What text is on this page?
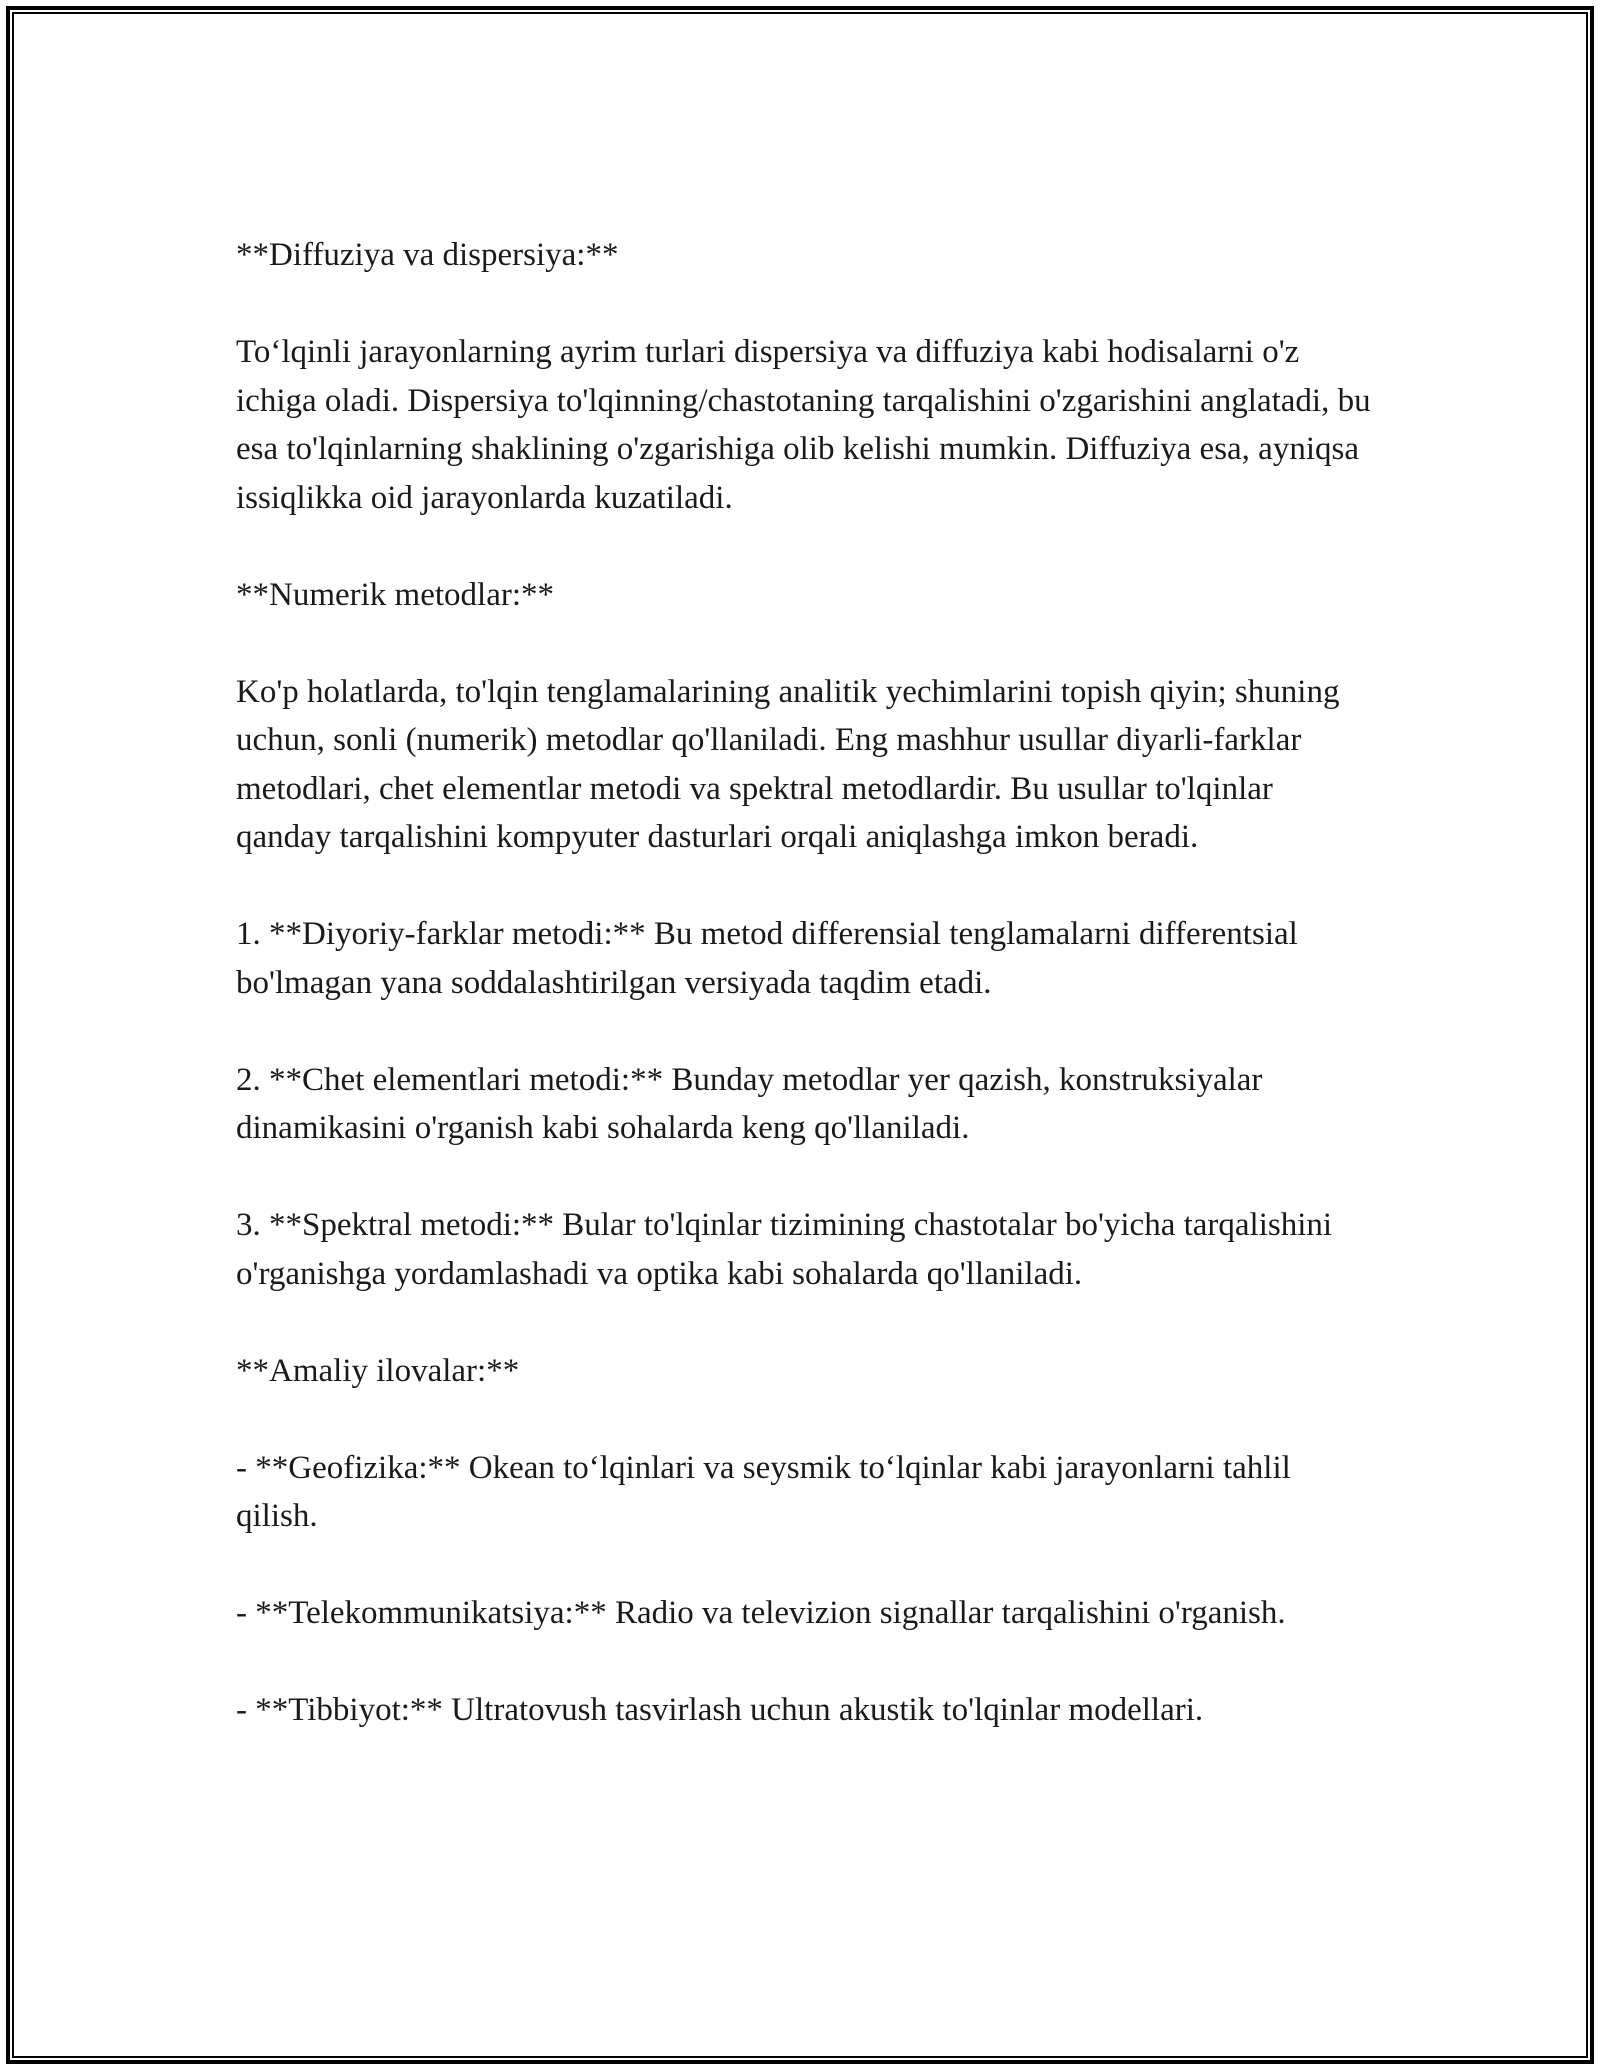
**Diffuziya va dispersiya:**

To‘lqinli jarayonlarning ayrim turlari dispersiya va diffuziya kabi hodisalarni o'z ichiga oladi. Dispersiya to'lqinning/chastotaning tarqalishini o'zgarishini anglatadi, bu esa to'lqinlarning shaklining o'zgarishiga olib kelishi mumkin. Diffuziya esa, ayniqsa issiqlikka oid jarayonlarda kuzatiladi.

**Numerik metodlar:**

Ko'p holatlarda, to'lqin tenglamalarining analitik yechimlarini topish qiyin; shuning uchun, sonli (numerik) metodlar qo'llaniladi. Eng mashhur usullar diyarli-farklar metodlari, chet elementlar metodi va spektral metodlardir. Bu usullar to'lqinlar qanday tarqalishini kompyuter dasturlari orqali aniqlashga imkon beradi.

1. **Diyoriy-farklar metodi:** Bu metod differensial tenglamalarni differentsial bo'lmagan yana soddalashtirilgan versiyada taqdim etadi.

2. **Chet elementlari metodi:** Bunday metodlar yer qazish, konstruksiyalar dinamikasini o'rganish kabi sohalarda keng qo'llaniladi.

3. **Spektral metodi:** Bular to'lqinlar tizimining chastotalar bo'yicha tarqalishini o'rganishga yordamlashadi va optika kabi sohalarda qo'llaniladi.

**Amaliy ilovalar:**

- **Geofizika:** Okean to‘lqinlari va seysmik to‘lqinlar kabi jarayonlarni tahlil qilish.

- **Telekommunikatsiya:** Radio va televizion signallar tarqalishini o'rganish.

- **Tibbiyot:** Ultratovush tasvirlash uchun akustik to'lqinlar modellari.
